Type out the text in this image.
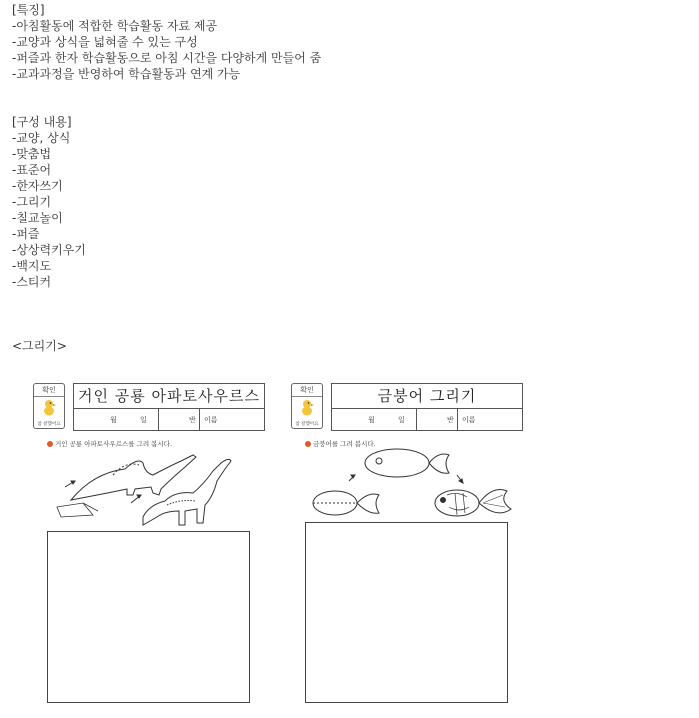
[특징]
-아침활동에 적합한 학습활동 자료 제공
-교양과 상식을 넓혀줄 수 있는 구성
-퍼즐과 한자 학습활동으로 아침 시간을 다양하게 만들어 줌
-교과과정을 반영하여 학습활동과 연계 가능
[구성 내용]
-교양, 상식
-맞춤법
-표준어
-한자쓰기
-그리기
-칠교놀이
-퍼즐
-상상력키우기
-백지도
-스티커
<그리기>
확인
참 잘했어요
거인 공룡 아파토사우르스
월	일	반 이름
거인 공룡 아파토사우르스를 그려 봅시다.
확인
참 잘했어요
금붕어 그리기
월	일	반 이름
금붕어를 그려 봅시다.
